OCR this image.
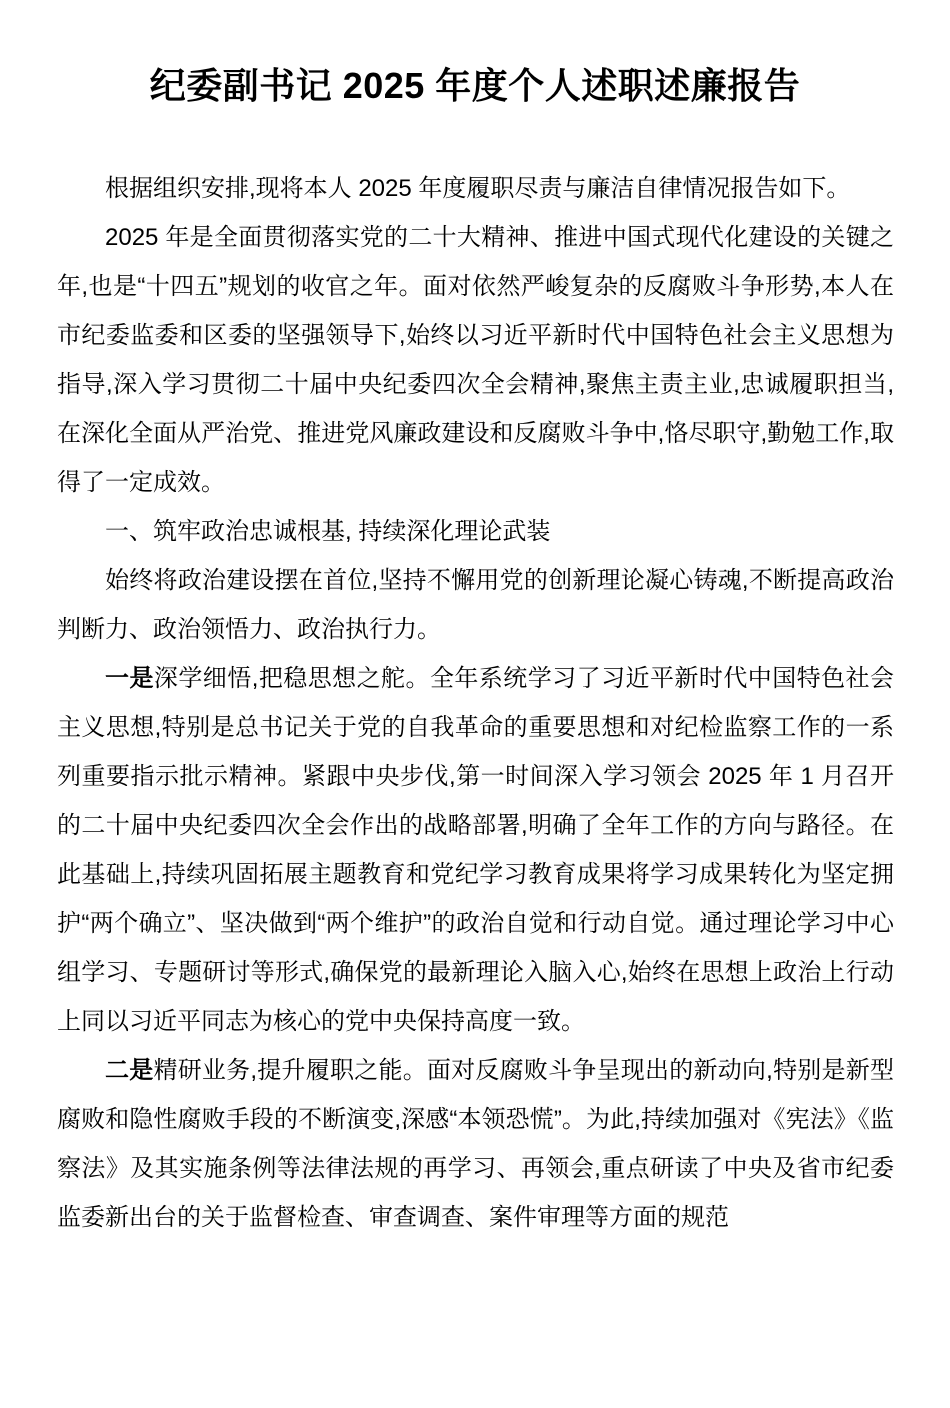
纪委副书记 2025 年度个人述职述廉报告

根据组织安排,现将本人 2025 年度履职尽责与廉洁自律情况报告如下。

2025 年是全面贯彻落实党的二十大精神、推进中国式现代化建设的关键之年,也是“十四五”规划的收官之年。面对依然严峻复杂的反腐败斗争形势,本人在市纪委监委和区委的坚强领导下,始终以习近平新时代中国特色社会主义思想为指导,深入学习贯彻二十届中央纪委四次全会精神,聚焦主责主业,忠诚履职担当,在深化全面从严治党、推进党风廉政建设和反腐败斗争中,恪尽职守,勤勉工作,取得了一定成效。

一、筑牢政治忠诚根基, 持续深化理论武装

始终将政治建设摆在首位,坚持不懈用党的创新理论凝心铸魂,不断提高政治判断力、政治领悟力、政治执行力。

一是深学细悟,把稳思想之舵。全年系统学习了习近平新时代中国特色社会主义思想,特别是总书记关于党的自我革命的重要思想和对纪检监察工作的一系列重要指示批示精神。紧跟中央步伐,第一时间深入学习领会 2025 年 1 月召开的二十届中央纪委四次全会作出的战略部署,明确了全年工作的方向与路径。在此基础上,持续巩固拓展主题教育和党纪学习教育成果将学习成果转化为坚定拥护“两个确立”、坚决做到“两个维护”的政治自觉和行动自觉。通过理论学习中心组学习、专题研讨等形式,确保党的最新理论入脑入心,始终在思想上政治上行动上同以习近平同志为核心的党中央保持高度一致。

二是精研业务,提升履职之能。面对反腐败斗争呈现出的新动向,特别是新型腐败和隐性腐败手段的不断演变,深感“本领恐慌”。为此,持续加强对《宪法》《监察法》及其实施条例等法律法规的再学习、再领会,重点研读了中央及省市纪委监委新出台的关于监督检查、审查调查、案件审理等方面的规范
